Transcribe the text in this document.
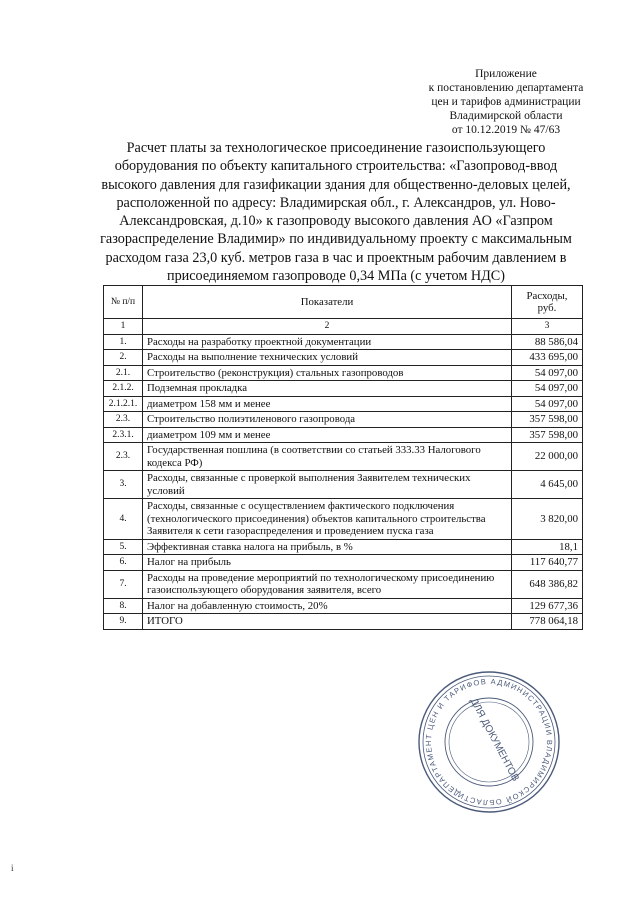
Приложение
к постановлению департамента
цен и тарифов администрации
Владимирской области
от 10.12.2019 № 47/63
Расчет платы за технологическое присоединение газоиспользующего оборудования по объекту капитального строительства: «Газопровод-ввод высокого давления для газификации здания для общественно-деловых целей, расположенной по адресу: Владимирская обл., г. Александров, ул. Ново-Александровская, д.10» к газопроводу высокого давления АО «Газпром газораспределение Владимир» по индивидуальному проекту с максимальным расходом газа 23,0 куб. метров газа в час и проектным рабочим давлением в присоединяемом газопроводе 0,34 МПа (с учетом НДС)
№ п/п	Показатели	Расходы, руб.
1	2	3
1.	Расходы на разработку проектной документации	88 586,04
2.	Расходы на выполнение технических условий	433 695,00
2.1.	Строительство (реконструкция) стальных газопроводов	54 097,00
2.1.2.	Подземная прокладка	54 097,00
2.1.2.1.	диаметром 158 мм и менее	54 097,00
2.3.	Строительство полиэтиленового газопровода	357 598,00
2.3.1.	диаметром 109 мм и менее	357 598,00
2.3.	Государственная пошлина (в соответствии со статьей 333.33 Налогового кодекса РФ)	22 000,00
3.	Расходы, связанные с проверкой выполнения Заявителем технических условий	4 645,00
4.	Расходы, связанные с осуществлением фактического подключения (технологического присоединения) объектов капитального строительства Заявителя к сети газораспределения и проведением пуска газа	3 820,00
5.	Эффективная ставка налога на прибыль, в %	18,1
6.	Налог на прибыль	117 640,77
7.	Расходы на проведение мероприятий по технологическому присоединению газоиспользующего оборудования заявителя, всего	648 386,82
8.	Налог на добавленную стоимость, 20%	129 677,36
9.	ИТОГО	778 064,18
ДЕПАРТАМЕНТ ЦЕН И ТАРИФОВ АДМИНИСТРАЦИИ ВЛАДИМИРСКОЙ ОБЛАСТИ
ДЛЯ ДОКУМЕНТОВ
i
